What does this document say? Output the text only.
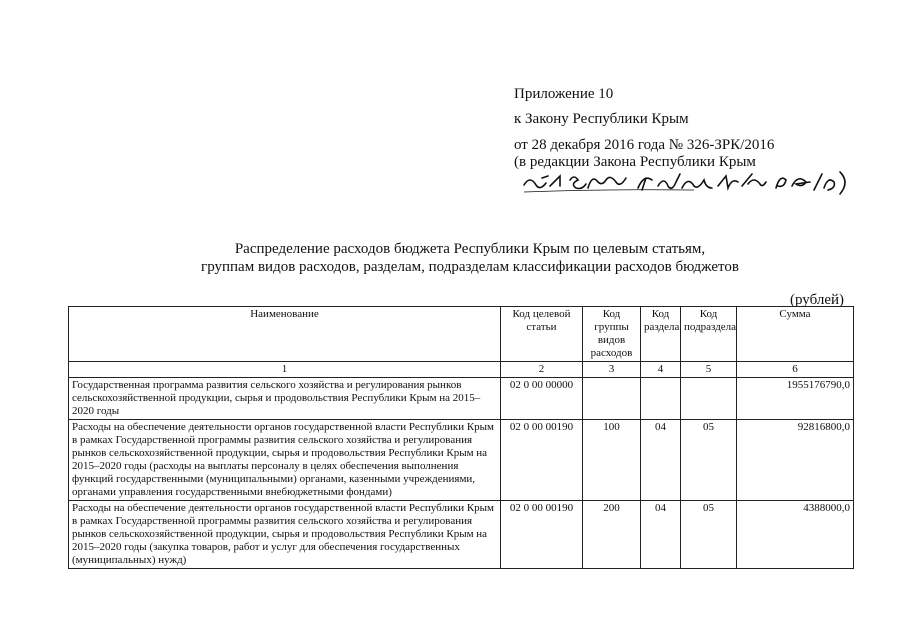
Приложение 10
к Закону Республики Крым
от 28 декабря 2016 года № 326-ЗРК/2016
(в редакции Закона Республики Крым
Распределение расходов бюджета Республики Крым по целевым статьям,
группам видов расходов, разделам, подразделам классификации расходов бюджетов
(рублей)
Наименование	Код целевой статьи	Код группы видов расходов	Код раздела	Код подраздела	Сумма
1	2	3	4	5	6
Государственная программа развития сельского хозяйства и регулирования рынков сельскохозяйственной продукции, сырья и продовольствия Республики Крым на 2015–2020 годы	02 0 00 00000				1955176790,0
Расходы на обеспечение деятельности органов государственной власти Республики Крым в рамках Государственной программы развития сельского хозяйства и регулирования рынков сельскохозяйственной продукции, сырья и продовольствия Республики Крым на 2015–2020 годы (расходы на выплаты персоналу в целях обеспечения выполнения функций государственными (муниципальными) органами, казенными учреждениями, органами управления государственными внебюджетными фондами)	02 0 00 00190	100	04	05	92816800,0
Расходы на обеспечение деятельности органов государственной власти Республики Крым в рамках Государственной программы развития сельского хозяйства и регулирования рынков сельскохозяйственной продукции, сырья и продовольствия Республики Крым на 2015–2020 годы (закупка товаров, работ и услуг для обеспечения государственных (муниципальных) нужд)	02 0 00 00190	200	04	05	4388000,0
